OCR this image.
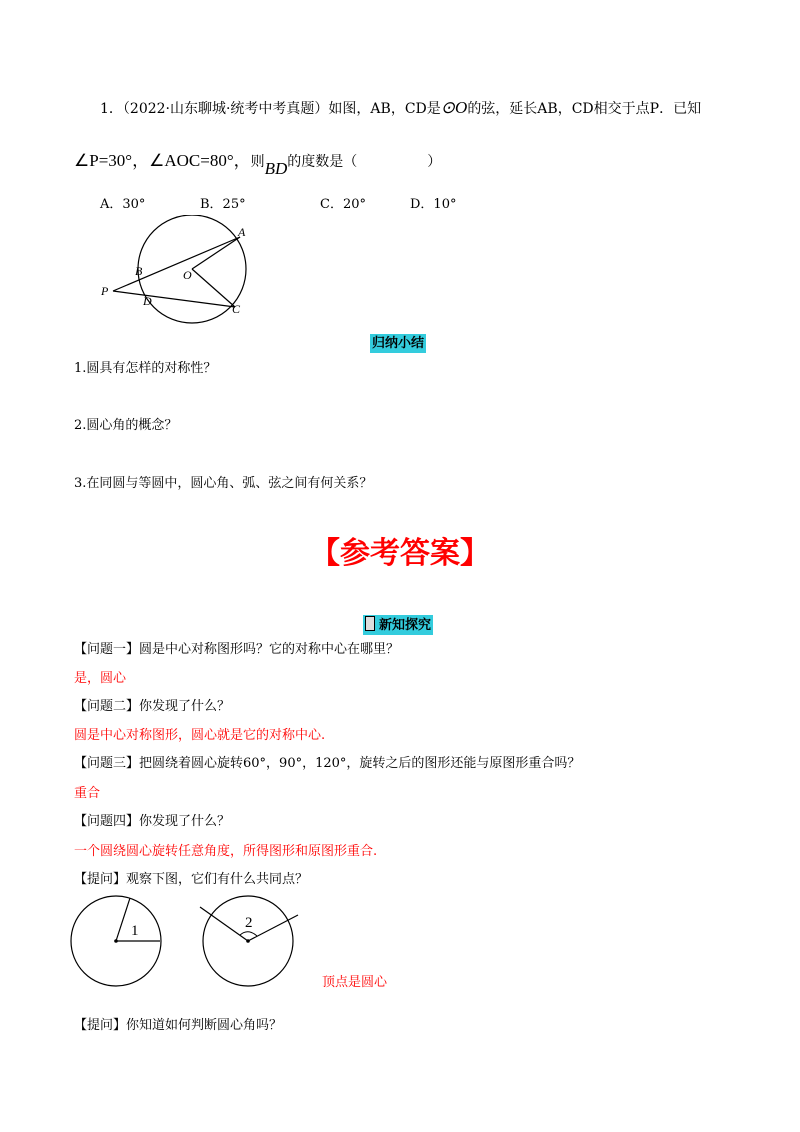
1．（2022·山东聊城·统考中考真题）如图，AB，CD是⊙O的弦，延长AB，CD相交于点P．已知
∠P=30°，∠AOC=80°，则BD的度数是（　　　　　）
A．30°	B．25°	C．20°	D．10°
A
B	O
P
D
C
归纳小结
1.圆具有怎样的对称性？
2.圆心角的概念？
3.在同圆与等圆中，圆心角、弧、弦之间有何关系？
【参考答案】
新知探究
【问题一】圆是中心对称图形吗？它的对称中心在哪里？
是，圆心
【问题二】你发现了什么？
圆是中心对称图形，圆心就是它的对称中心.
【问题三】把圆绕着圆心旋转60°，90°，120°，旋转之后的图形还能与原图形重合吗？
重合
【问题四】你发现了什么？
一个圆绕圆心旋转任意角度，所得图形和原图形重合.
【提问】观察下图，它们有什么共同点？
1	2
顶点是圆心
【提问】你知道如何判断圆心角吗？
